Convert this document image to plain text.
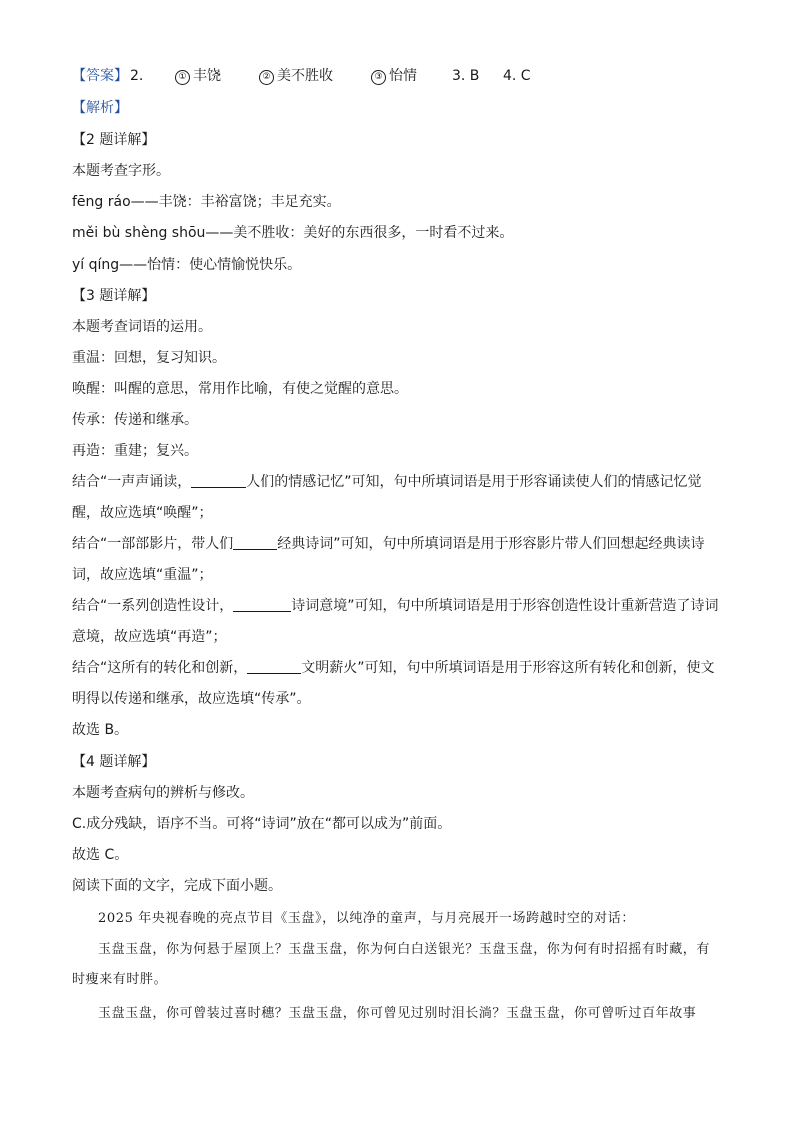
【答案】 2.	① 丰饶	② 美不胜收	③ 怡情	3. B 4. C
【解析】
【2 题详解】
本题考查字形。
fēng ráo——丰饶：丰裕富饶；丰足充实。
měi bù shèng shōu——美不胜收：美好的东西很多，一时看不过来。
yí qíng——怡情：使心情愉悦快乐。
【3 题详解】
本题考查词语的运用。
重温：回想，复习知识。
唤醒：叫醒的意思，常用作比喻，有使之觉醒的意思。
传承：传递和继承。
再造：重建；复兴。
结合“一声声诵读，	人们的情感记忆”可知，句中所填词语是用于形容诵读使人们的情感记忆觉醒，故应选填“唤醒”；
结合“一部部影片，带人们	经典诗词”可知，句中所填词语是用于形容影片带人们回想起经典读诗词，故应选填“重温”；
结合“一系列创造性设计，	诗词意境”可知，句中所填词语是用于形容创造性设计重新营造了诗词意境，故应选填“再造”；
结合“这所有的转化和创新，	文明薪火”可知，句中所填词语是用于形容这所有转化和创新，使文明得以传递和继承，故应选填“传承”。
故选 B。
【4 题详解】
本题考查病句的辨析与修改。
C.成分残缺，语序不当。可将“诗词”放在“都可以成为”前面。
故选 C。
阅读下面的文字，完成下面小题。
2025 年央视春晚的亮点节目《玉盘》，以纯净的童声，与月亮展开一场跨越时空的对话：
玉盘玉盘，你为何悬于屋顶上？玉盘玉盘，你为何白白送银光？玉盘玉盘，你为何有时招摇有时藏，有时瘦来有时胖。
玉盘玉盘，你可曾装过喜时穗？玉盘玉盘，你可曾见过别时泪长淌？玉盘玉盘，你可曾听过百年故事
